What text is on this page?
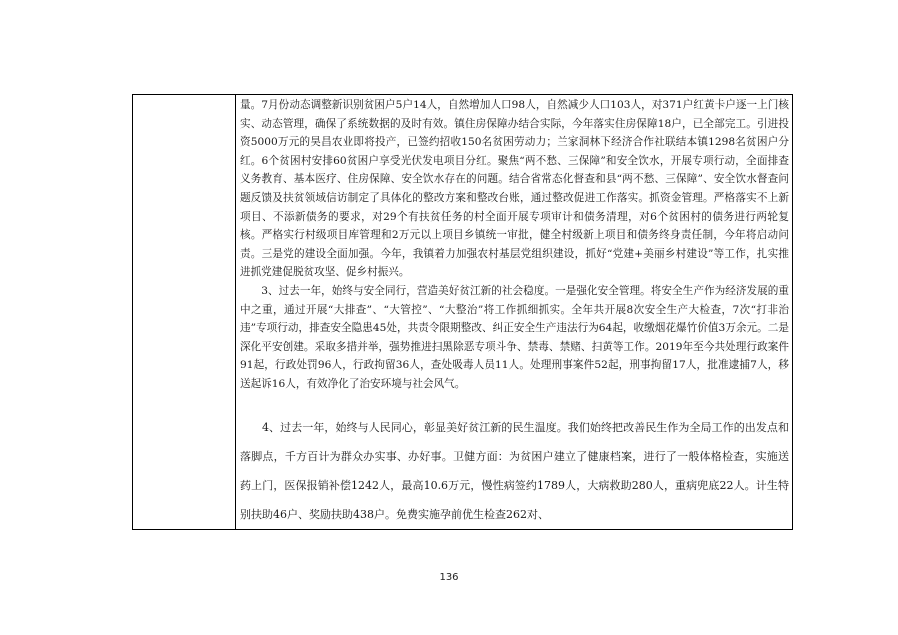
量。7月份动态调整新识别贫困户5户14人，自然增加人口98人，自然减少人口103人，对371户红黄卡户逐一上门核实、动态管理，确保了系统数据的及时有效。镇住房保障办结合实际，今年落实住房保障18户，已全部完工。引进投资5000万元的昊昌农业即将投产，已签约招收150名贫困劳动力；兰家洞林下经济合作社联结本镇1298名贫困户分红。6个贫困村安排60贫困户享受光伏发电项目分红。聚焦“两不愁、三保障”和安全饮水，开展专项行动，全面排查义务教育、基本医疗、住房保障、安全饮水存在的问题。结合省常态化督查和县“两不愁、三保障”、安全饮水督查问题反馈及扶贫领域信访制定了具体化的整改方案和整改台账，通过整改促进工作落实。抓资金管理。严格落实不上新项目、不添新债务的要求，对29个有扶贫任务的村全面开展专项审计和债务清理，对6个贫困村的债务进行两轮复核。严格实行村级项目库管理和2万元以上项目乡镇统一审批，健全村级新上项目和债务终身责任制，今年将启动问责。三是党的建设全面加强。今年，我镇着力加强农村基层党组织建设，抓好“党建+美丽乡村建设”等工作，扎实推进抓党建促脱贫攻坚、促乡村振兴。

3、过去一年，始终与安全同行，营造美好贫江新的社会稳度。一是强化安全管理。将安全生产作为经济发展的重中之重，通过开展“大排查”、“大管控”、“大整治”将工作抓细抓实。全年共开展8次安全生产大检查，7次“打非治违”专项行动，排查安全隐患45处，共责令限期整改、纠正安全生产违法行为64起，收缴烟花爆竹价值3万余元。二是深化平安创建。采取多措并举，强势推进扫黑除恶专项斗争、禁毒、禁赌、扫黄等工作。2019年至今共处理行政案件91起，行政处罚96人，行政拘留36人，查处吸毒人员11人。处理刑事案件52起，刑事拘留17人，批准逮捕7人，移送起诉16人，有效净化了治安环境与社会风气。

4、过去一年，始终与人民同心，彰显美好贫江新的民生温度。我们始终把改善民生作为全局工作的出发点和落脚点，千方百计为群众办实事、办好事。卫健方面：为贫困户建立了健康档案，进行了一般体格检查，实施送药上门，医保报销补偿1242人，最高10.6万元，慢性病签约1789人，大病救助280人，重病兜底22人。计生特别扶助46户、奖励扶助438户。免费实施孕前优生检查262对、

136
